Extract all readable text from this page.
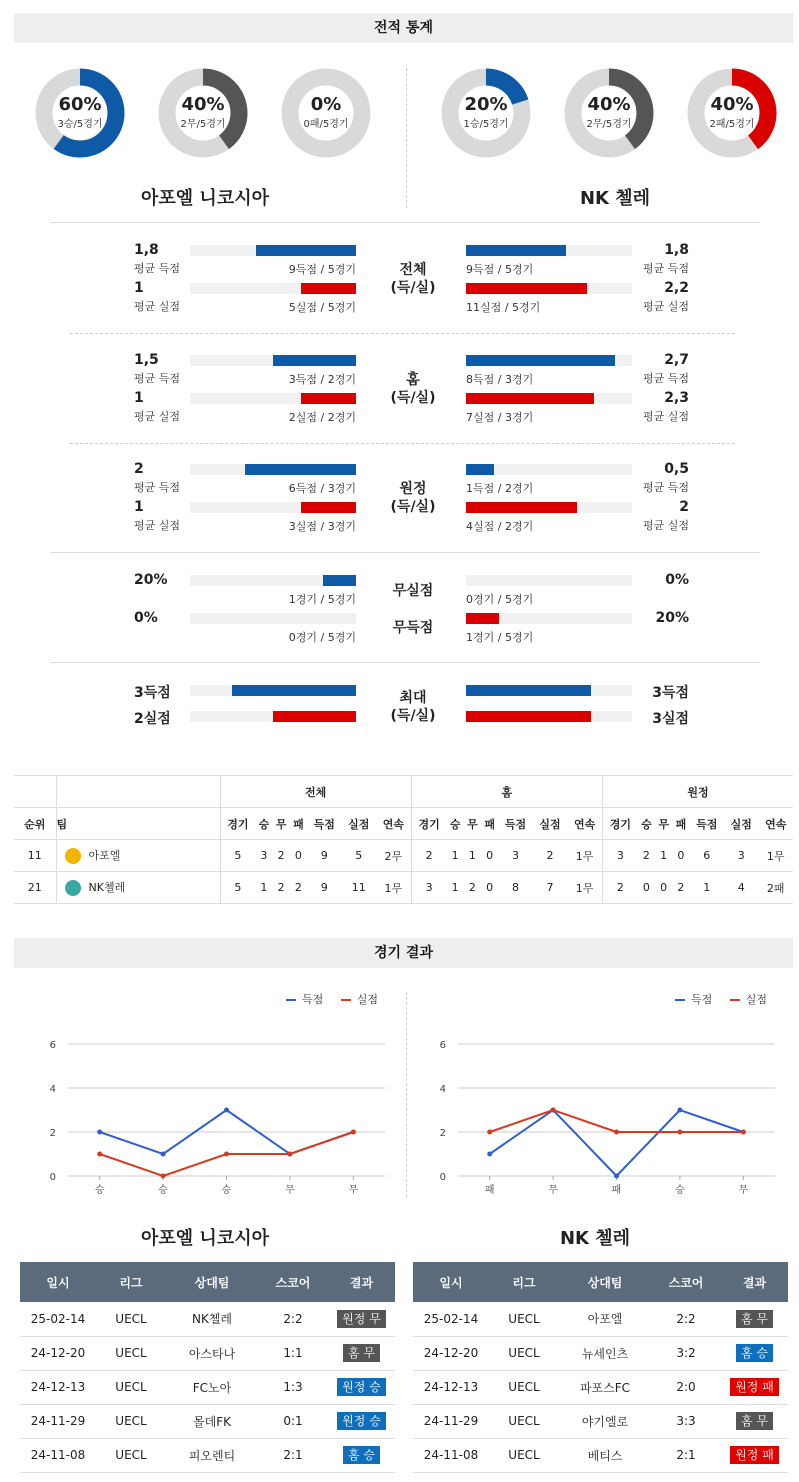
전적 통계
60%
3승/5경기
40%
2무/5경기
0%
0패/5경기
20%
1승/5경기
40%
2무/5경기
40%
2패/5경기
아포엘 니코시아	NK 첼레
1,8
평균 득점	9득점 / 5경기
1
평균 실점	5실점 / 5경기
전체
(득/실)
9득점 / 5경기
1,8
평균 득점
11실점 / 5경기
2,2
평균 실점
1,5
평균 득점	3득점 / 2경기
1
평균 실점	2실점 / 2경기
홈
(득/실)
8득점 / 3경기
2,7
평균 득점
7실점 / 3경기
2,3
평균 실점
2
평균 득점	6득점 / 3경기
1
평균 실점	3실점 / 3경기
원정
(득/실)
1득점 / 2경기
0,5
평균 득점
4실점 / 2경기
2
평균 실점
20%
1경기 / 5경기
0%
0경기 / 5경기
무실점
무득점
0경기 / 5경기
0%
1경기 / 5경기
20%
3득점
2실점
최대
(득/실)
3득점
3실점
		전체							홈							원정						
순위	팀	경기	승	무	패	득점	실점	연속	경기	승	무	패	득점	실점	연속	경기	승	무	패	득점	실점	연속
11	아포엘	5	3	2	0	9	5	2무	2	1	1	0	3	2	1무	3	2	1	0	6	3	1무
21	NK첼레	5	1	2	2	9	11	1무	3	1	2	0	8	7	1무	2	0	0	2	1	4	2패
경기 결과
득점	실점	득점	실점
0
2
4
6
승	승	승	무	무
0
2
4
6
패	무	패	승	무
아포엘 니코시아	NK 첼레
일시	리그	상대팀	스코어	결과
25-02-14	UECL	NK첼레	2:2	원정 무
24-12-20	UECL	아스타나	1:1	홈 무
24-12-13	UECL	FC노아	1:3	원정 승
24-11-29	UECL	몰데FK	0:1	원정 승
24-11-08	UECL	피오렌티	2:1	홈 승
일시	리그	상대팀	스코어	결과
25-02-14	UECL	아포엘	2:2	홈 무
24-12-20	UECL	뉴세인츠	3:2	홈 승
24-12-13	UECL	파포스FC	2:0	원정 패
24-11-29	UECL	야기엘로	3:3	홈 무
24-11-08	UECL	베티스	2:1	원정 패
